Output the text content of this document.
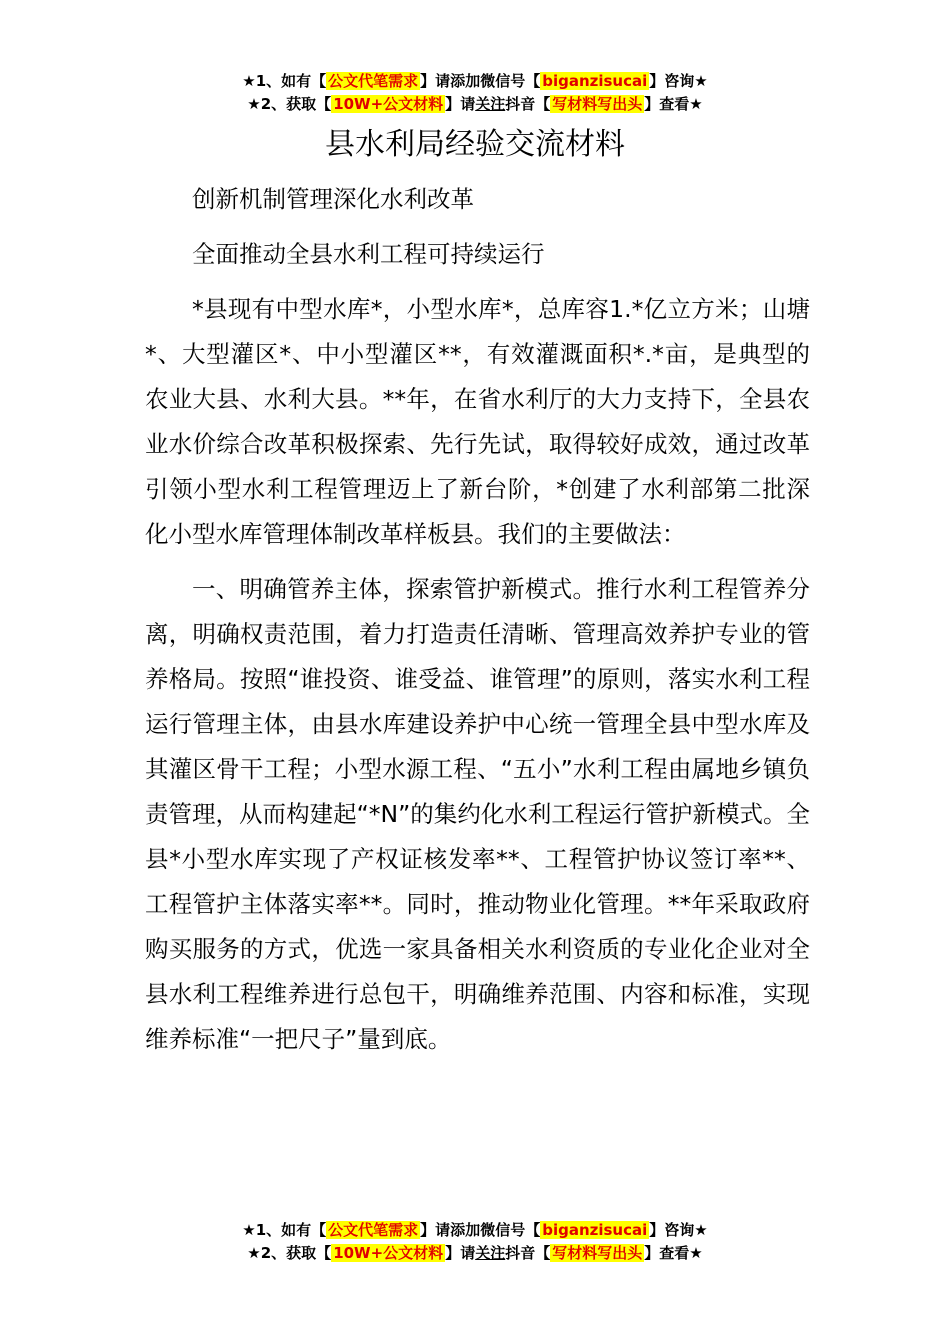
★1、如有【 公文代笔需求 】请添加微信号【 biganzisucai 】咨询★
★2、获取【 10W+公文材料 】请关注抖音【 写材料写出头 】查看★
县水利局经验交流材料

创新机制管理深化水利改革

全面推动全县水利工程可持续运行

*县现有中型水库*，小型水库*，总库容1.*亿立方米；山塘*、大型灌区*、中小型灌区**，有效灌溉面积*.*亩，是典型的农业大县、水利大县。**年，在省水利厅的大力支持下，全县农业水价综合改革积极探索、先行先试，取得较好成效，通过改革引领小型水利工程管理迈上了新台阶，*创建了水利部第二批深化小型水库管理体制改革样板县。我们的主要做法：

一、明确管养主体，探索管护新模式。推行水利工程管养分离，明确权责范围，着力打造责任清晰、管理高效养护专业的管养格局。按照“谁投资、谁受益、谁管理”的原则，落实水利工程运行管理主体，由县水库建设养护中心统一管理全县中型水库及其灌区骨干工程；小型水源工程、“五小”水利工程由属地乡镇负责管理，从而构建起“*N”的集约化水利工程运行管护新模式。全县*小型水库实现了产权证核发率**、工程管护协议签订率**、工程管护主体落实率**。同时，推动物业化管理。**年采取政府购买服务的方式，优选一家具备相关水利资质的专业化企业对全县水利工程维养进行总包干，明确维养范围、内容和标准，实现维养标准“一把尺子”量到底。

★1、如有【 公文代笔需求 】请添加微信号【 biganzisucai 】咨询★
★2、获取【 10W+公文材料 】请关注抖音【 写材料写出头 】查看★
